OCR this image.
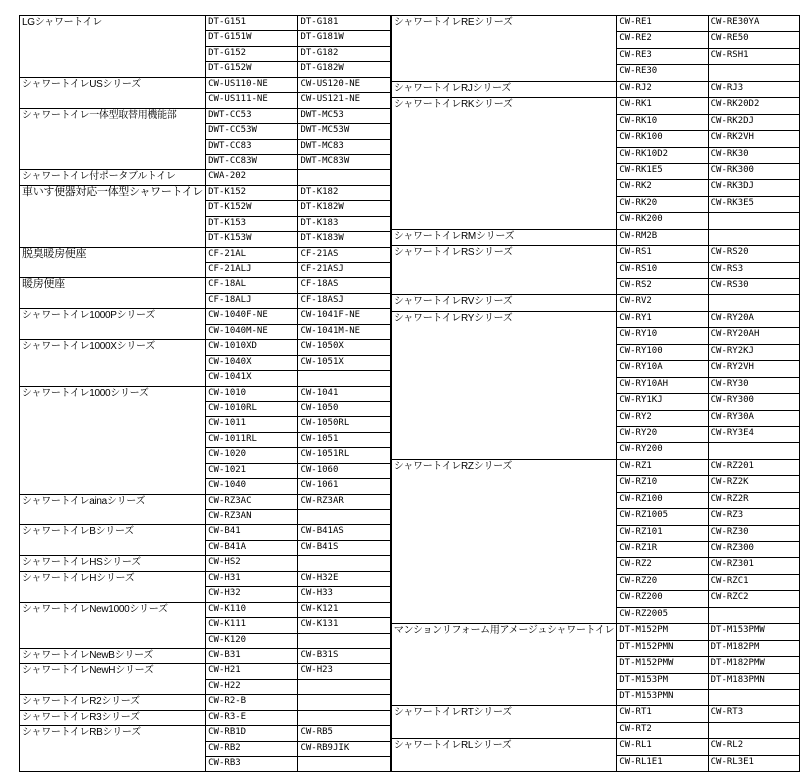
LGシャワートイレ	DT-G151	DT-G181
	DT-G151W	DT-G181W
	DT-G152	DT-G182
	DT-G152W	DT-G182W
シャワートイレUSシリーズ	CW-US110-NE	CW-US120-NE
	CW-US111-NE	CW-US121-NE
シャワートイレ一体型取替用機能部	DWT-CC53	DWT-MC53
	DWT-CC53W	DWT-MC53W
	DWT-CC83	DWT-MC83
	DWT-CC83W	DWT-MC83W
シャワートイレ付ポータブルトイレ	CWA-202	
車いす便器対応一体型シャワートイレ	DT-K152	DT-K182
	DT-K152W	DT-K182W
	DT-K153	DT-K183
	DT-K153W	DT-K183W
脱臭暖房便座	CF-21AL	CF-21AS
	CF-21ALJ	CF-21ASJ
暖房便座	CF-18AL	CF-18AS
	CF-18ALJ	CF-18ASJ
シャワートイレ1000Pシリーズ	CW-1040F-NE	CW-1041F-NE
	CW-1040M-NE	CW-1041M-NE
シャワートイレ1000Xシリーズ	CW-1010XD	CW-1050X
	CW-1040X	CW-1051X
	CW-1041X	
シャワートイレ1000シリーズ	CW-1010	CW-1041
	CW-1010RL	CW-1050
	CW-1011	CW-1050RL
	CW-1011RL	CW-1051
	CW-1020	CW-1051RL
	CW-1021	CW-1060
	CW-1040	CW-1061
シャワートイレainaシリーズ	CW-RZ3AC	CW-RZ3AR
	CW-RZ3AN	
シャワートイレBシリーズ	CW-B41	CW-B41AS
	CW-B41A	CW-B41S
シャワートイレHSシリーズ	CW-HS2	
シャワートイレHシリーズ	CW-H31	CW-H32E
	CW-H32	CW-H33
シャワートイレNew1000シリーズ	CW-K110	CW-K121
	CW-K111	CW-K131
	CW-K120	
シャワートイレNewBシリーズ	CW-B31	CW-B31S
シャワートイレNewHシリーズ	CW-H21	CW-H23
	CW-H22	
シャワートイレR2シリーズ	CW-R2-B	
シャワートイレR3シリーズ	CW-R3-E	
シャワートイレRBシリーズ	CW-RB1D	CW-RB5
	CW-RB2	CW-RB9JIK
	CW-RB3	
シャワートイレREシリーズ	CW-RE1	CW-RE30YA
	CW-RE2	CW-RE50
	CW-RE3	CW-RSH1
	CW-RE30	
シャワートイレRJシリーズ	CW-RJ2	CW-RJ3
シャワートイレRKシリーズ	CW-RK1	CW-RK20D2
	CW-RK10	CW-RK2DJ
	CW-RK100	CW-RK2VH
	CW-RK10D2	CW-RK30
	CW-RK1E5	CW-RK300
	CW-RK2	CW-RK3DJ
	CW-RK20	CW-RK3E5
	CW-RK200	
シャワートイレRMシリーズ	CW-RM2B	
シャワートイレRSシリーズ	CW-RS1	CW-RS20
	CW-RS10	CW-RS3
	CW-RS2	CW-RS30
シャワートイレRVシリーズ	CW-RV2	
シャワートイレRYシリーズ	CW-RY1	CW-RY20A
	CW-RY10	CW-RY20AH
	CW-RY100	CW-RY2KJ
	CW-RY10A	CW-RY2VH
	CW-RY10AH	CW-RY30
	CW-RY1KJ	CW-RY300
	CW-RY2	CW-RY30A
	CW-RY20	CW-RY3E4
	CW-RY200	
シャワートイレRZシリーズ	CW-RZ1	CW-RZ201
	CW-RZ10	CW-RZ2K
	CW-RZ100	CW-RZ2R
	CW-RZ1005	CW-RZ3
	CW-RZ101	CW-RZ30
	CW-RZ1R	CW-RZ300
	CW-RZ2	CW-RZ301
	CW-RZ20	CW-RZC1
	CW-RZ200	CW-RZC2
	CW-RZ2005	
マンションリフォーム用アメージュシャワートイレ	DT-M152PM	DT-M153PMW
	DT-M152PMN	DT-M182PM
	DT-M152PMW	DT-M182PMW
	DT-M153PM	DT-M183PMN
	DT-M153PMN	
シャワートイレRTシリーズ	CW-RT1	CW-RT3
	CW-RT2	
シャワートイレRLシリーズ	CW-RL1	CW-RL2
	CW-RL1E1	CW-RL3E1
